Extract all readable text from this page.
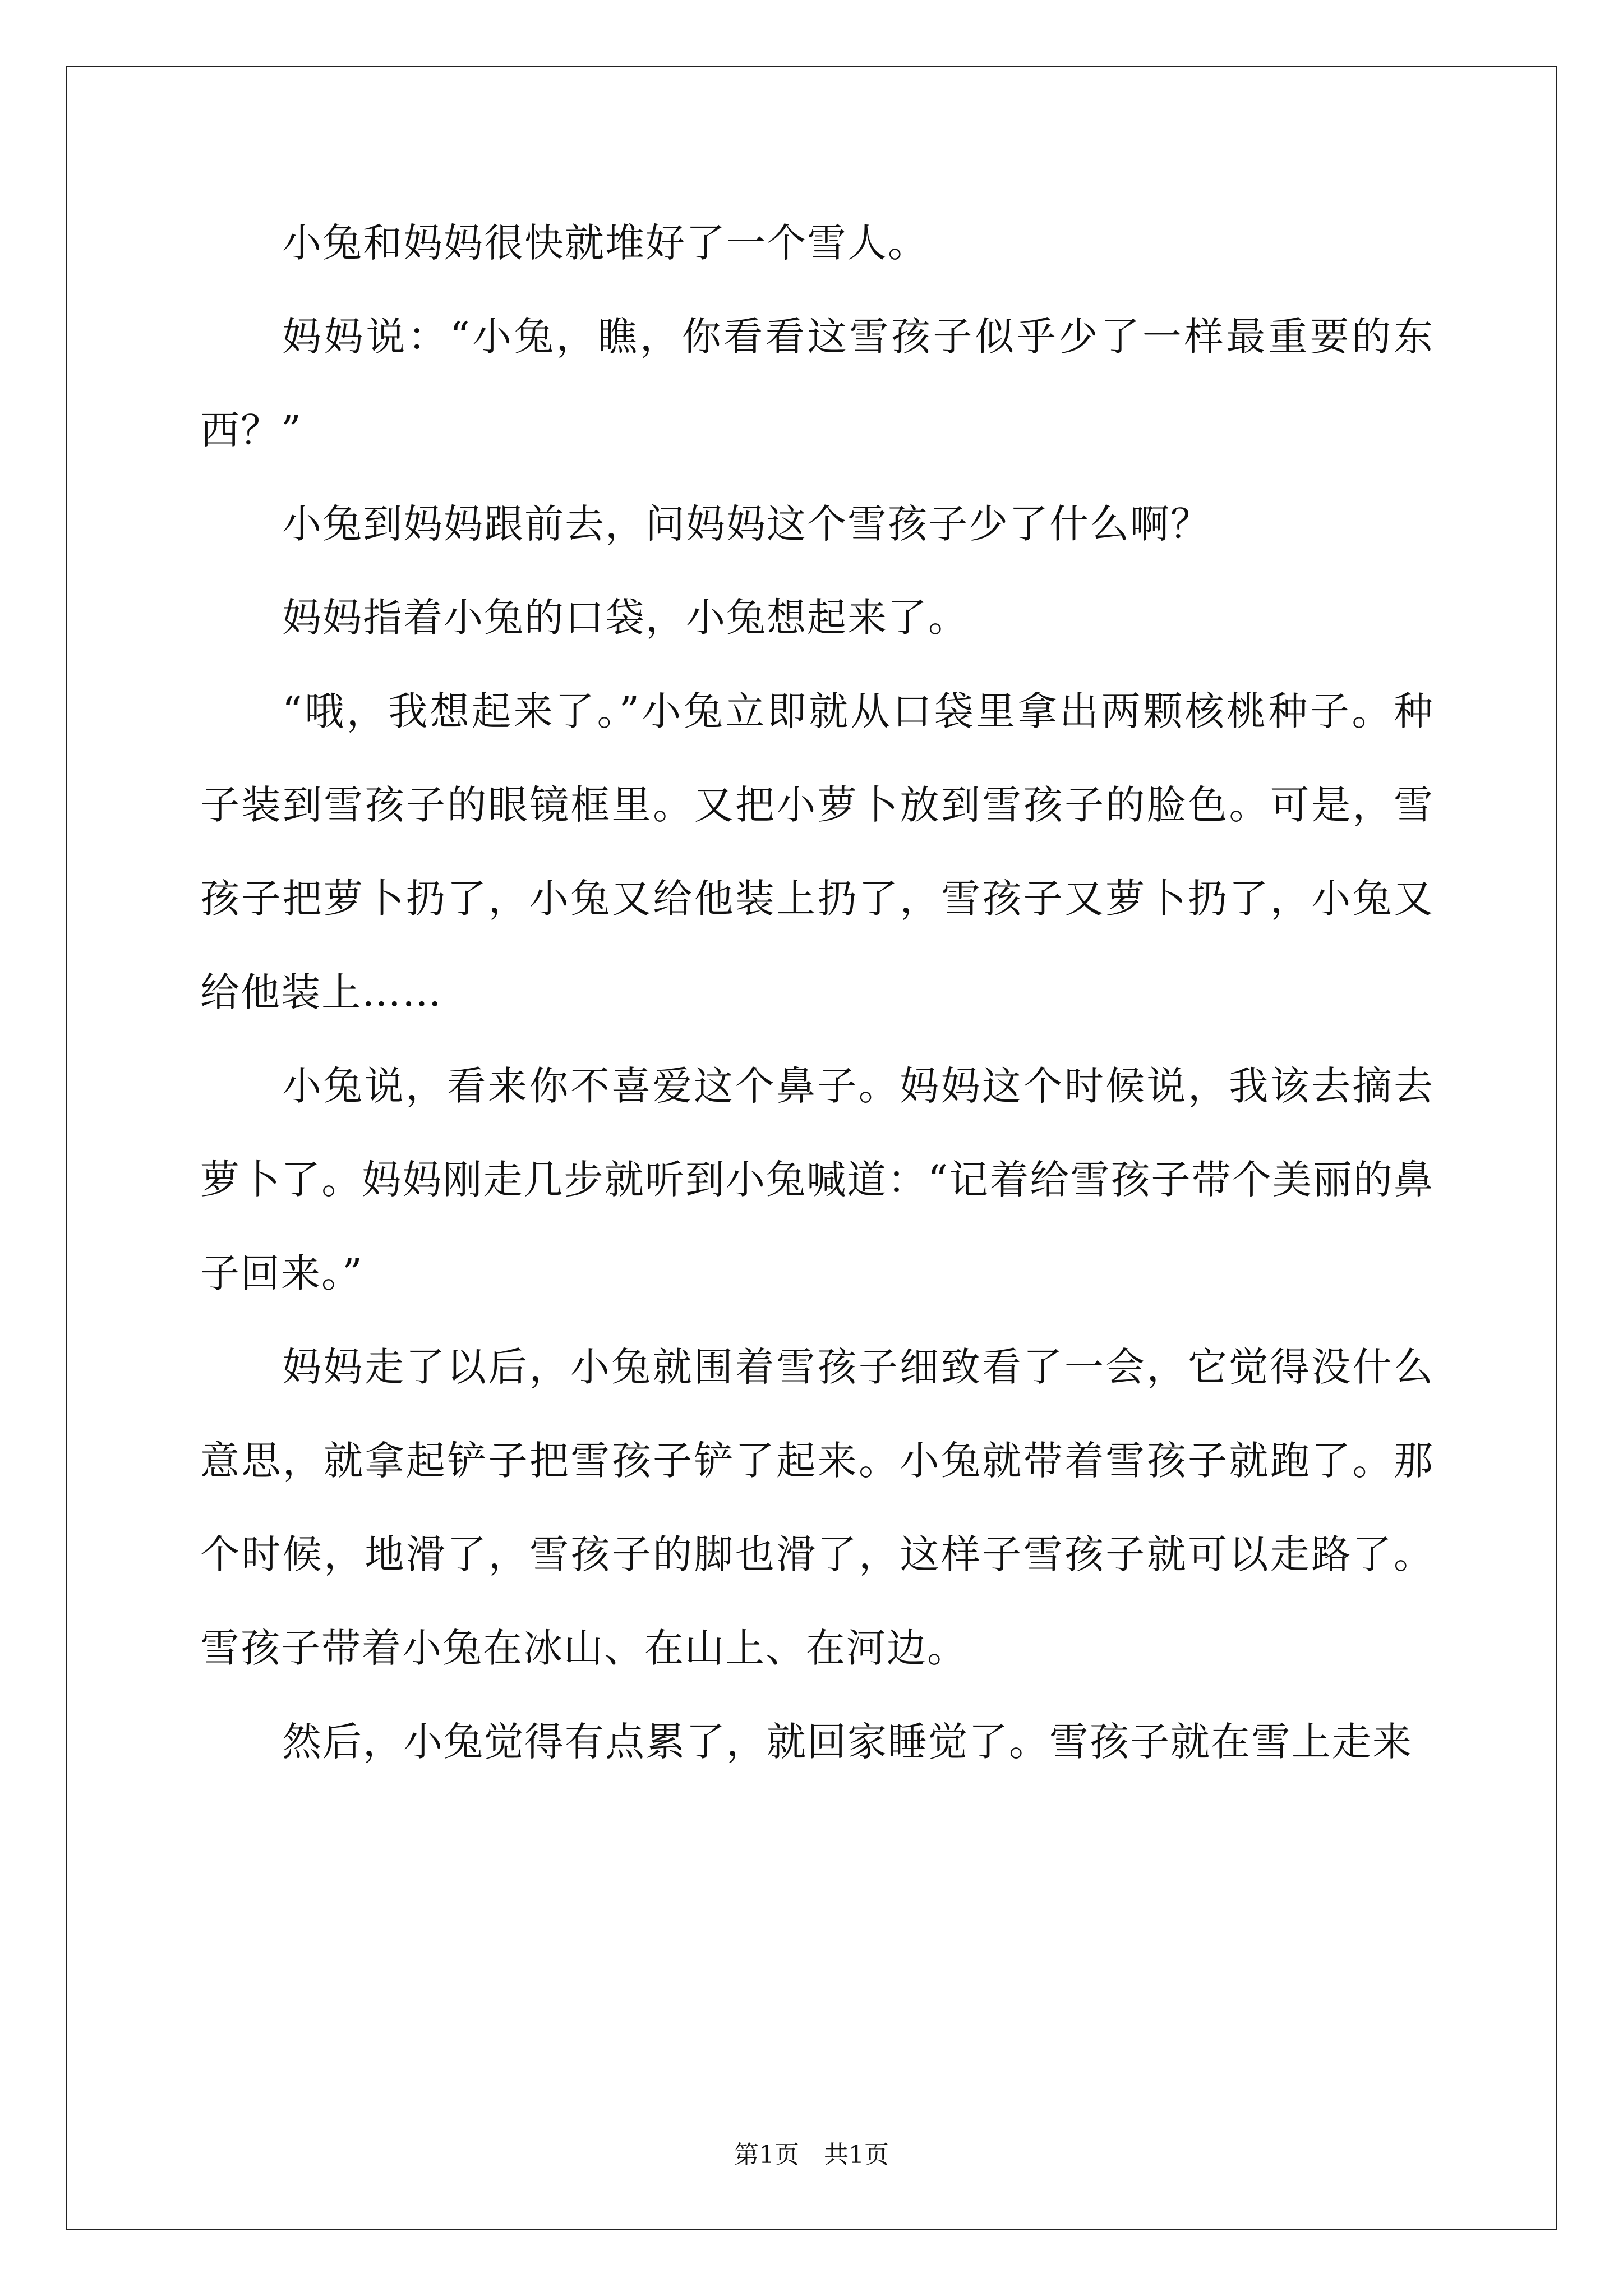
小兔和妈妈很快就堆好了一个雪人。

妈妈说：“小兔，瞧，你看看这雪孩子似乎少了一样最重要的东西？”

小兔到妈妈跟前去，问妈妈这个雪孩子少了什么啊？

妈妈指着小兔的口袋，小兔想起来了。

“哦，我想起来了。”小兔立即就从口袋里拿出两颗核桃种子。种子装到雪孩子的眼镜框里。又把小萝卜放到雪孩子的脸色。可是，雪孩子把萝卜扔了，小兔又给他装上扔了，雪孩子又萝卜扔了，小兔又给他装上……

小兔说，看来你不喜爱这个鼻子。妈妈这个时候说，我该去摘去萝卜了。妈妈刚走几步就听到小兔喊道：“记着给雪孩子带个美丽的鼻子回来。”

妈妈走了以后，小兔就围着雪孩子细致看了一会，它觉得没什么意思，就拿起铲子把雪孩子铲了起来。小兔就带着雪孩子就跑了。那个时候，地滑了，雪孩子的脚也滑了，这样子雪孩子就可以走路了。雪孩子带着小兔在冰山、在山上、在河边。

然后，小兔觉得有点累了，就回家睡觉了。雪孩子就在雪上走来

第1页 共1页
